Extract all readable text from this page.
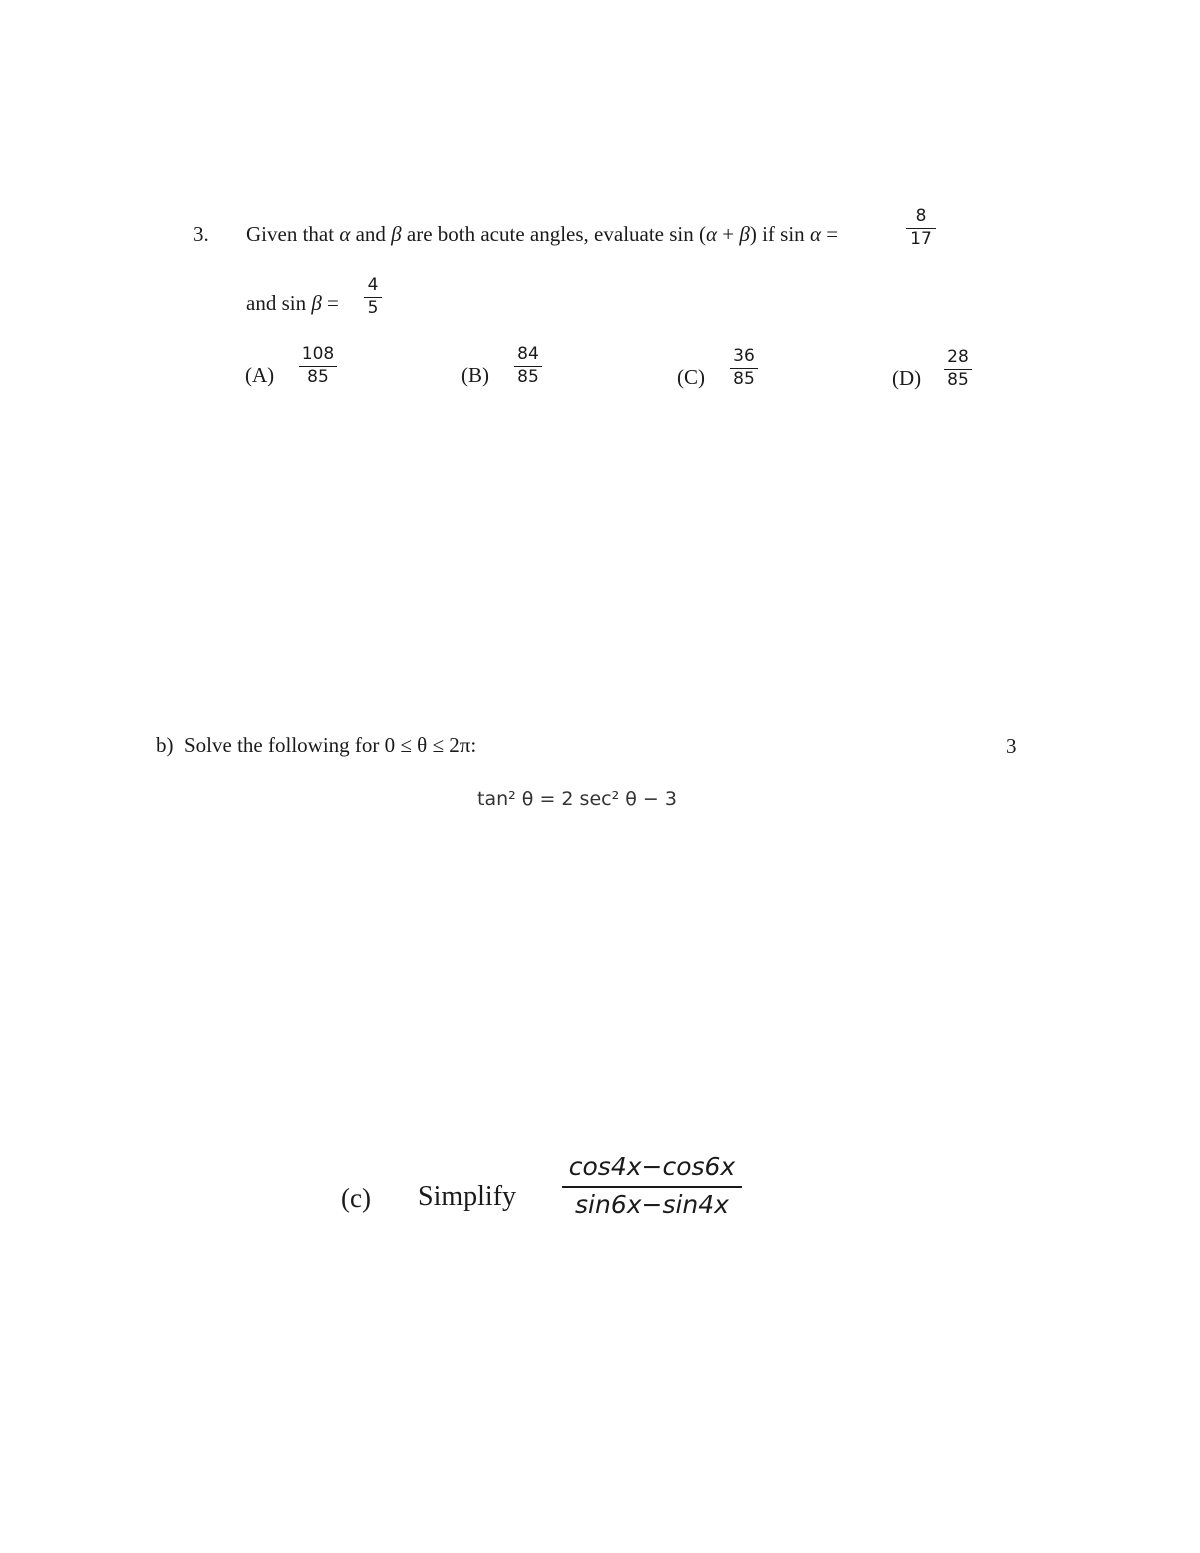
3. Given that α and β are both acute angles, evaluate sin (α + β) if sin α =
8
17
and sin β =
4
5
(A)
108
85	(B)
84
85	(C)
36
85	(D)
28
85
b) Solve the following for 0 ≤ θ ≤ 2π:	3
tan² θ = 2 sec² θ − 3
(c) Simplify
cos4x−cos6x
sin6x−sin4x
